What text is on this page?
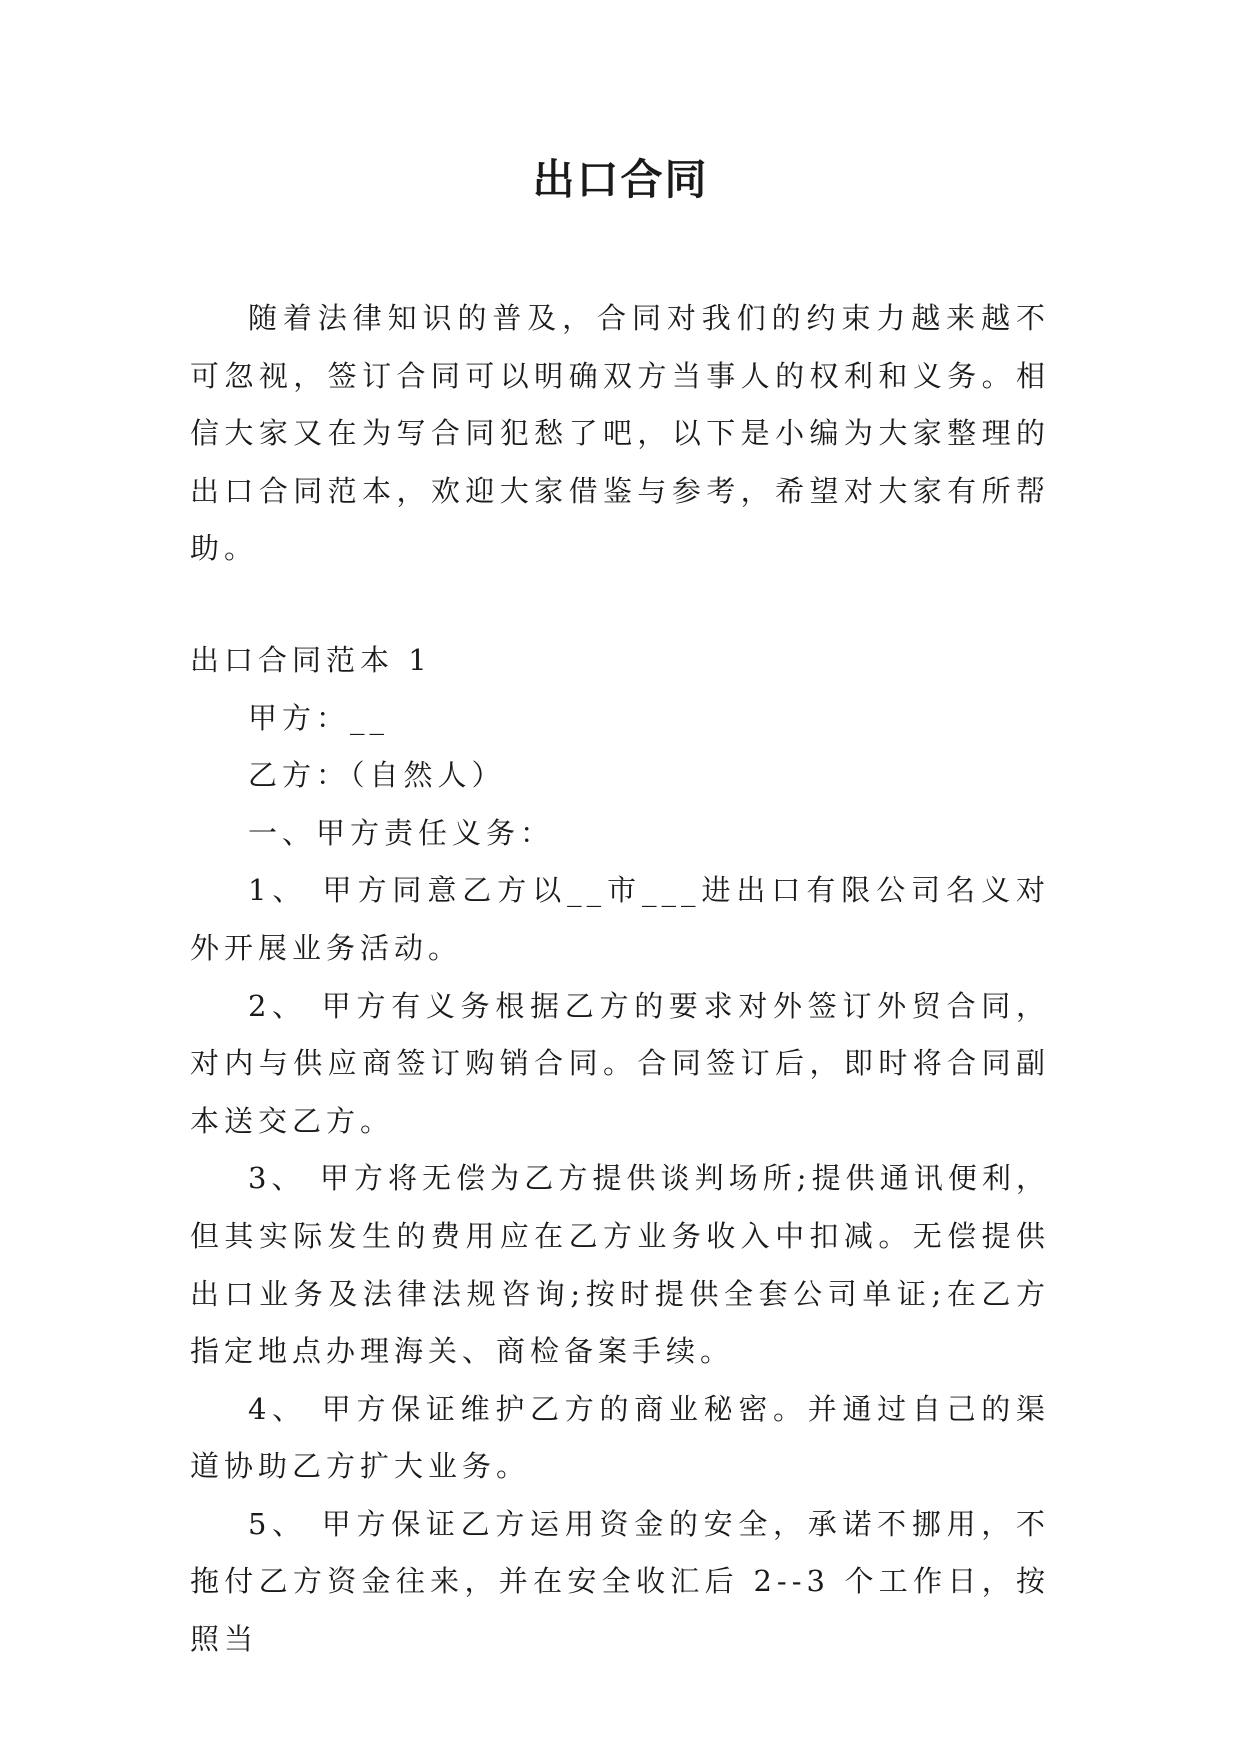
出口合同

随着法律知识的普及，合同对我们的约束力越来越不可忽视，签订合同可以明确双方当事人的权利和义务。相信大家又在为写合同犯愁了吧，以下是小编为大家整理的出口合同范本，欢迎大家借鉴与参考，希望对大家有所帮助。

出口合同范本 1

甲方：__

乙方：（自然人）

一、甲方责任义务：

1、 甲方同意乙方以__市___进出口有限公司名义对外开展业务活动。

2、 甲方有义务根据乙方的要求对外签订外贸合同，对内与供应商签订购销合同。合同签订后，即时将合同副本送交乙方。

3、 甲方将无偿为乙方提供谈判场所;提供通讯便利，但其实际发生的费用应在乙方业务收入中扣减。无偿提供出口业务及法律法规咨询;按时提供全套公司单证;在乙方指定地点办理海关、商检备案手续。

4、 甲方保证维护乙方的商业秘密。并通过自己的渠道协助乙方扩大业务。

5、 甲方保证乙方运用资金的安全，承诺不挪用，不拖付乙方资金往来，并在安全收汇后 2--3 个工作日，按照当
